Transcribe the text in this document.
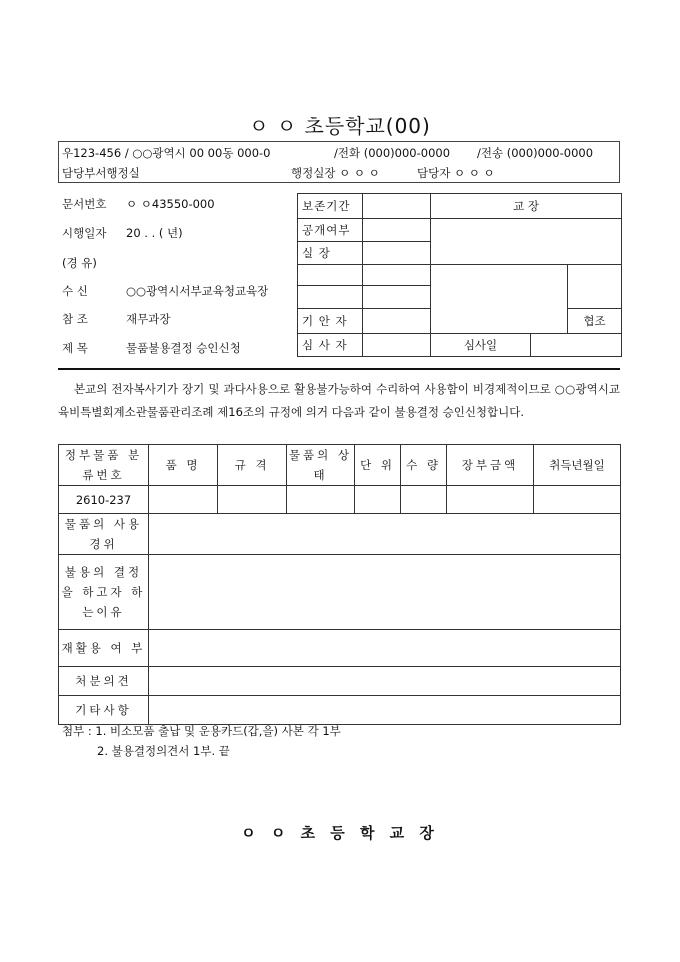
ㅇ ㅇ 초등학교(00)
우123-456 / ○○광역시 00 00동 000-0	/전화 (000)000-0000 /전송 (000)000-0000
담당부서행정실	행정실장 ㅇ ㅇ ㅇ	담당자 ㅇ ㅇ ㅇ
문서번호 ㅇ ㅇ43550-000
시행일자 20 . . ( 년)
(경 유)
수 신	○○광역시서부교육청교육장
참 조	재무과장
제 목	물품불용결정 승인신청
보존기간		교 장		
공개여부				
실 장				

기 안 자				협조
심 사 자		심사일		
본교의 전자복사기가 장기 및 과다사용으로 활용불가능하여 수리하여 사용함이 비경제적이므로 ○○광역시교육비특별회계소관물품관리조례 제16조의 규정에 의거 다음과 같이 불용결정 승인신청합니다.
정부물품 분류번호	품 명	규 격	물품의 상 태	단 위	수 량	장부금액	취득년월일
2610-237							
물품의 사용경위							
불용의 결정을 하고자 하는이유							
재활용 여 부							
처분의견							
기타사항							
첨부 : 1. 비소모품 출납 및 운용카드(갑,을) 사본 각 1부
2. 불용결정의견서 1부. 끝
ㅇ ㅇ 초 등 학 교 장
